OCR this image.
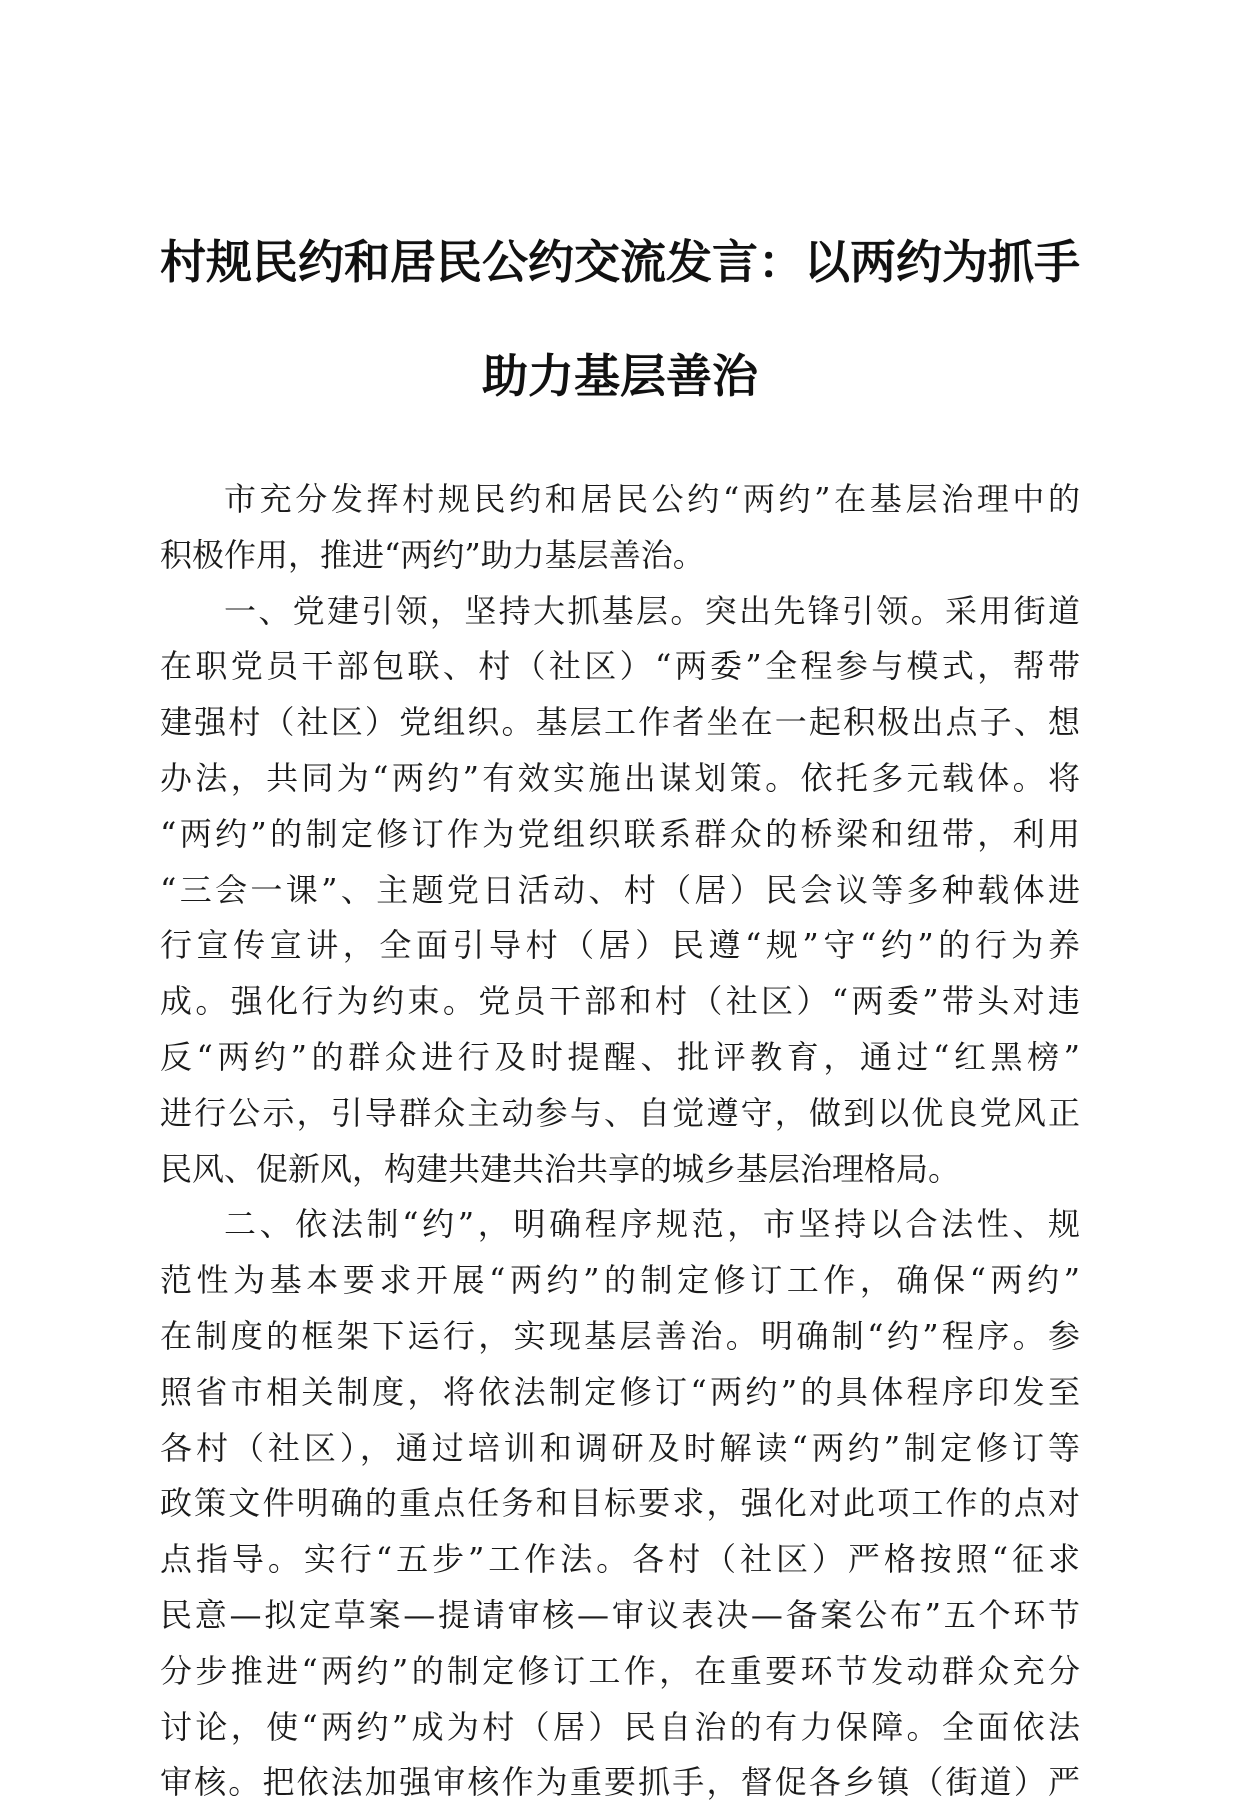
村规民约和居民公约交流发言：以两约为抓手
助力基层善治

市充分发挥村规民约和居民公约“两约”在基层治理中的
积极作用，推进“两约”助力基层善治。

一、党建引领，坚持大抓基层。突出先锋引领。采用街道
在职党员干部包联、村（社区）“两委”全程参与模式，帮带
建强村（社区）党组织。基层工作者坐在一起积极出点子、想
办法，共同为“两约”有效实施出谋划策。依托多元载体。将
“两约”的制定修订作为党组织联系群众的桥梁和纽带，利用
“三会一课”、主题党日活动、村（居）民会议等多种载体进
行宣传宣讲，全面引导村（居）民遵“规”守“约”的行为养
成。强化行为约束。党员干部和村（社区）“两委”带头对违
反“两约”的群众进行及时提醒、批评教育，通过“红黑榜”
进行公示，引导群众主动参与、自觉遵守，做到以优良党风正
民风、促新风，构建共建共治共享的城乡基层治理格局。

二、依法制“约”，明确程序规范，市坚持以合法性、规
范性为基本要求开展“两约”的制定修订工作，确保“两约”
在制度的框架下运行，实现基层善治。明确制“约”程序。参
照省市相关制度，将依法制定修订“两约”的具体程序印发至
各村（社区），通过培训和调研及时解读“两约”制定修订等
政策文件明确的重点任务和目标要求，强化对此项工作的点对
点指导。实行“五步”工作法。各村（社区）严格按照“征求
民意—拟定草案—提请审核—审议表决—备案公布”五个环节
分步推进“两约”的制定修订工作，在重要环节发动群众充分
讨论，使“两约”成为村（居）民自治的有力保障。全面依法
审核。把依法加强审核作为重要抓手，督促各乡镇（街道）严
